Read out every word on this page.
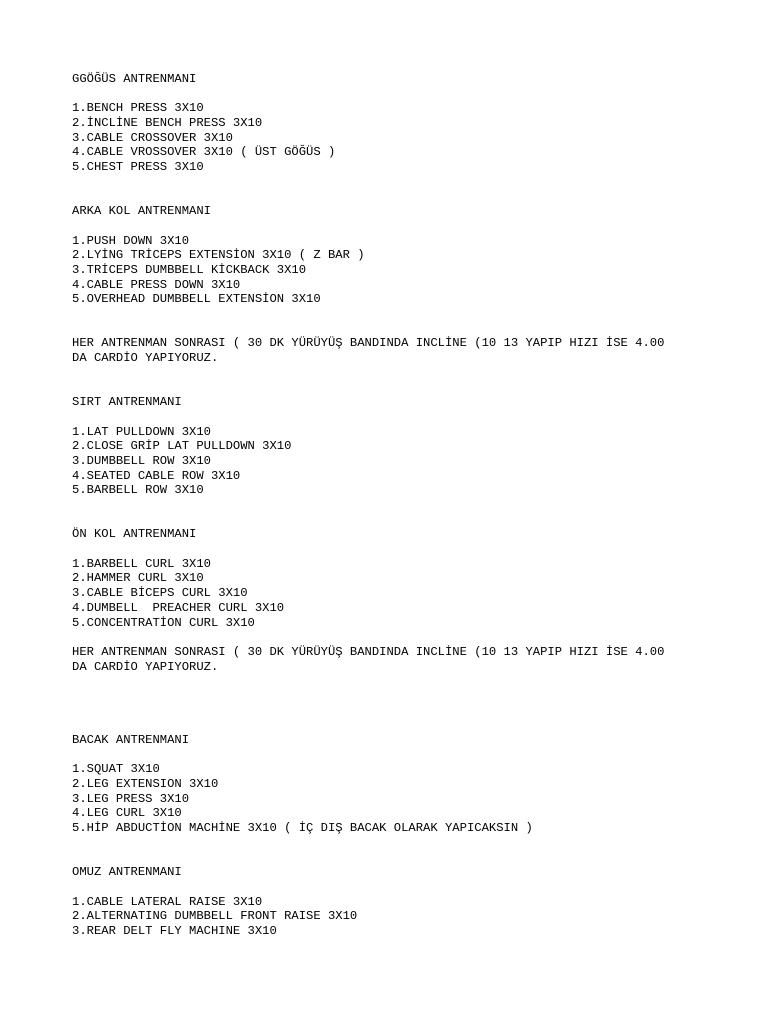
GGÖĞÜS ANTRENMANI
1.BENCH PRESS 3X10
2.İNCLİNE BENCH PRESS 3X10
3.CABLE CROSSOVER 3X10
4.CABLE VROSSOVER 3X10 ( ÜST GÖĞÜS )
5.CHEST PRESS 3X10
ARKA KOL ANTRENMANI
1.PUSH DOWN 3X10
2.LYİNG TRİCEPS EXTENSİON 3X10 ( Z BAR )
3.TRİCEPS DUMBBELL KİCKBACK 3X10
4.CABLE PRESS DOWN 3X10
5.OVERHEAD DUMBBELL EXTENSİON 3X10
HER ANTRENMAN SONRASI ( 30 DK YÜRÜYÜŞ BANDINDA INCLİNE (10 13 YAPIP HIZI İSE 4.00
DA CARDİO YAPIYORUZ.
SIRT ANTRENMANI
1.LAT PULLDOWN 3X10
2.CLOSE GRİP LAT PULLDOWN 3X10
3.DUMBBELL ROW 3X10
4.SEATED CABLE ROW 3X10
5.BARBELL ROW 3X10
ÖN KOL ANTRENMANI
1.BARBELL CURL 3X10
2.HAMMER CURL 3X10
3.CABLE BİCEPS CURL 3X10
4.DUMBELL  PREACHER CURL 3X10
5.CONCENTRATİON CURL 3X10
HER ANTRENMAN SONRASI ( 30 DK YÜRÜYÜŞ BANDINDA INCLİNE (10 13 YAPIP HIZI İSE 4.00
DA CARDİO YAPIYORUZ.
BACAK ANTRENMANI
1.SQUAT 3X10
2.LEG EXTENSION 3X10
3.LEG PRESS 3X10
4.LEG CURL 3X10
5.HİP ABDUCTİON MACHİNE 3X10 ( İÇ DIŞ BACAK OLARAK YAPICAKSIN )
OMUZ ANTRENMANI
1.CABLE LATERAL RAISE 3X10
2.ALTERNATING DUMBBELL FRONT RAISE 3X10
3.REAR DELT FLY MACHINE 3X10
